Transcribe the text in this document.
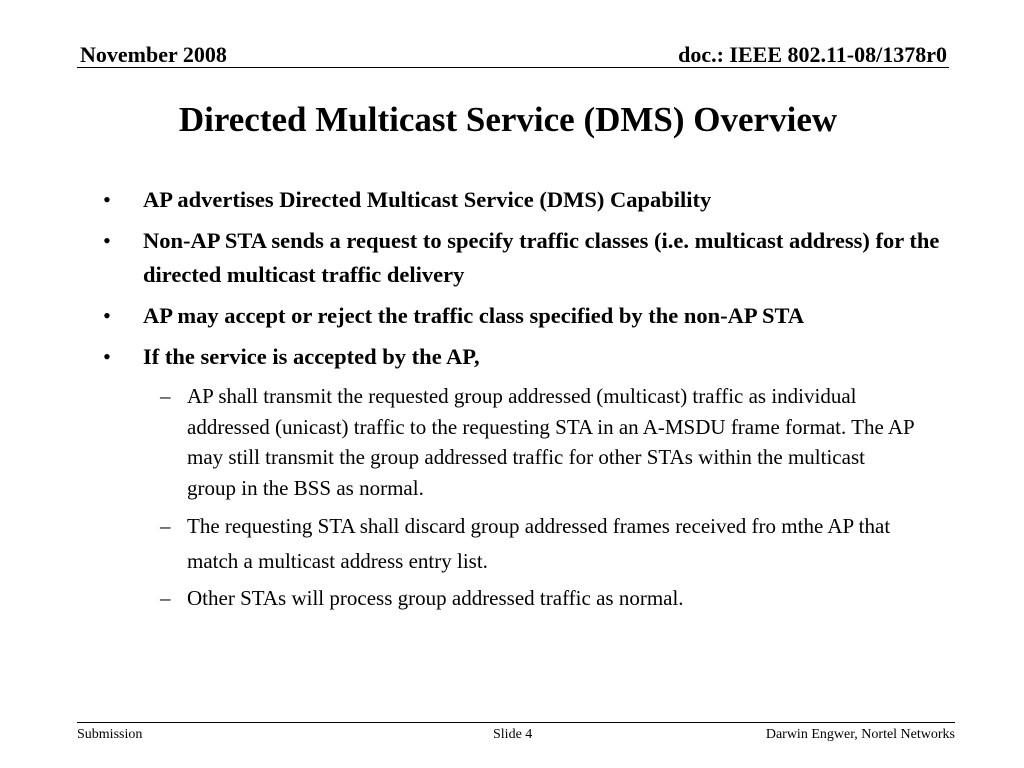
November 2008	doc.: IEEE 802.11-08/1378r0
Directed Multicast Service (DMS) Overview
• AP advertises Directed Multicast Service (DMS) Capability
• Non-AP STA sends a request to specify traffic classes (i.e. multicast address) for the directed multicast traffic delivery
• AP may accept or reject the traffic class specified by the non-AP STA
• If the service is accepted by the AP,
– AP shall transmit the requested group addressed (multicast) traffic as individual addressed (unicast) traffic to the requesting STA in an A-MSDU frame format. The AP may still transmit the group addressed traffic for other STAs within the multicast group in the BSS as normal.
– The requesting STA shall discard group addressed frames received fro mthe AP that match a multicast address entry list.
– Other STAs will process group addressed traffic as normal.
Submission	Slide 4	Darwin Engwer, Nortel Networks
